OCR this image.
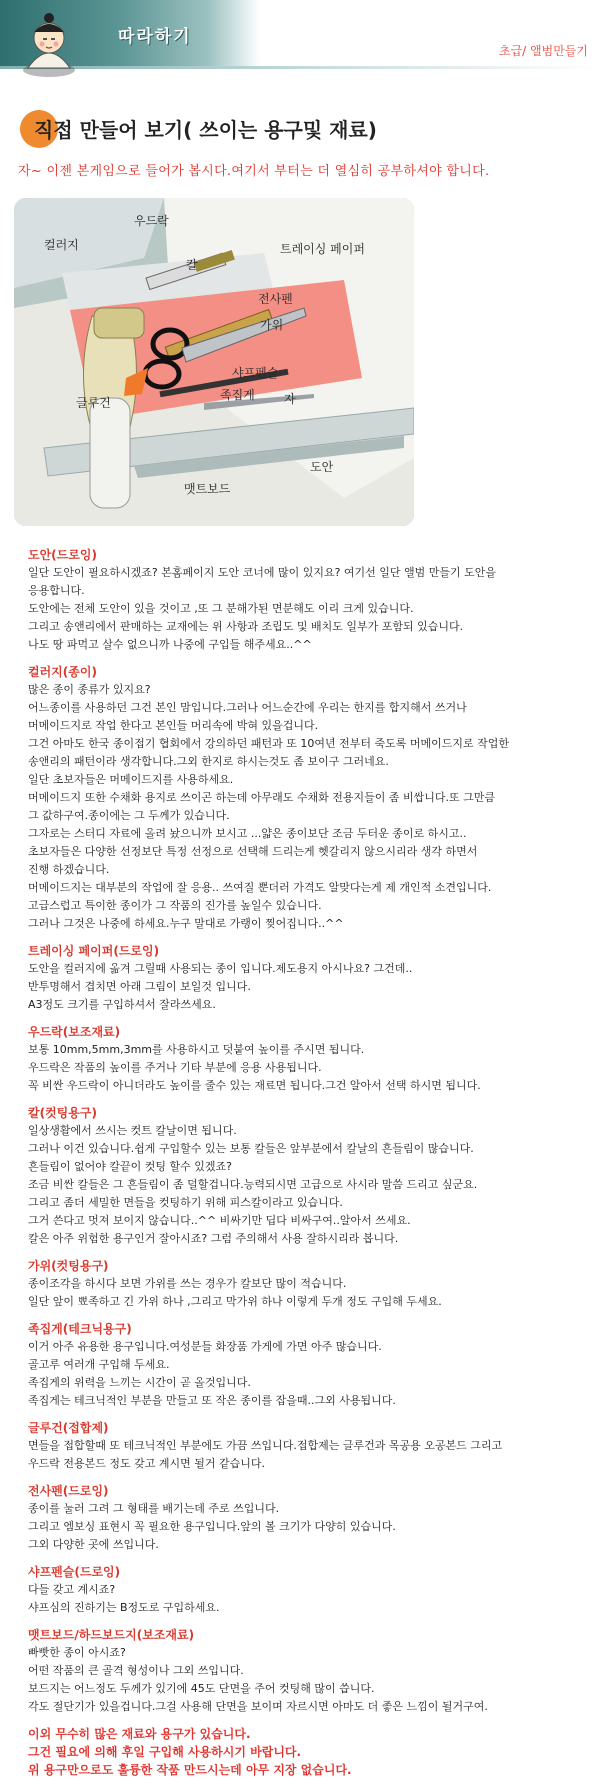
따라하기
초급/ 앨범만들기
직접 만들어 보기( 쓰이는 용구및 재료)
자~ 이젠 본게임으로 들어가 봅시다.여기서 부터는 더 열심히 공부하셔야 합니다.
우드락
컬러지	트레이싱 페이퍼
칼
전사펜
가위
샤프펜슬
족집게
글루건	자
맷트보드
도안
도안(드로잉)
일단 도안이 필요하시겠죠? 본홈페이지 도안 코너에 많이 있지요? 여기선 일단 앨범 만들기 도안을
응용합니다.
도안에는 전체 도안이 있을 것이고 ,또 그 분해가된 면분해도 이리 크게 있습니다.
그리고 송앤리에서 판매하는 교재에는 위 사항과 조립도 및 배치도 일부가 포함되 있습니다.
나도 땅 파먹고 살수 없으니까 나중에 구입들 해주세요..^^
컬러지(종이)
많은 종이 종류가 있지요?
어느종이를 사용하던 그건 본인 맘입니다.그러나 어느순간에 우리는 한지를 합지해서 쓰거나
머메이드지로 작업 한다고 본인들 머리속에 박혀 있을겁니다.
그건 아마도 한국 종이접기 협회에서 강의하던 패턴과 또 10여년 전부터 죽도록 머메이드지로 작업한
송앤리의 패턴이라 생각합니다.그외 한지로 하시는것도 좀 보이구 그러네요.
일단 초보자들은 머메이드지를 사용하세요.
머메이드지 또한 수채화 용지로 쓰이곤 하는데 아무래도 수채화 전용지들이 좀 비쌉니다.또 그만큼
그 값하구여.종이에는 그 두께가 있습니다.
그자로는 스터디 자료에 올려 놨으니까 보시고 ...얇은 종이보단 조금 두터운 종이로 하시고..
초보자들은 다양한 선정보단 특정 선정으로 선택해 드리는게 헷갈리지 않으시리라 생각 하면서
진행 하겠습니다.
머메이드지는 대부분의 작업에 잘 응용.. 쓰여질 뿐더러 가격도 알맞다는게 제 개인적 소견입니다.
고급스럽고 특이한 종이가 그 작품의 진가를 높일수 있습니다.
그러나 그것은 나중에 하세요.누구 말대로 가랭이 찢어집니다..^^
트레이싱 페이퍼(드로잉)
도안을 컬러지에 옮겨 그릴때 사용되는 종이 입니다.제도용지 아시나요? 그건데..
반투명해서 겹치면 아래 그림이 보일것 입니다.
A3정도 크기를 구입하셔서 잘라쓰세요.
우드락(보조재료)
보통 10mm,5mm,3mm를 사용하시고 덧붙여 높이를 주시면 됩니다.
우드락은 작품의 높이를 주거나 기타 부분에 응용 사용됩니다.
꼭 비싼 우드락이 아니더라도 높이를 줄수 있는 재료면 됩니다.그건 알아서 선택 하시면 됩니다.
칼(컷팅용구)
일상생활에서 쓰시는 컷트 칼날이면 됩니다.
그러나 이건 있습니다.쉽게 구입할수 있는 보통 칼들은 앞부분에서 칼날의 흔들림이 많습니다.
흔들림이 없어야 칼끝이 컷팅 할수 있겠죠?
조금 비싼 칼들은 그 흔들림이 좀 덜할겁니다.능력되시면 고급으로 사시라 말씀 드리고 싶군요.
그리고 좀더 세밀한 면들을 컷팅하기 위해 피스칼이라고 있습니다.
그거 쓴다고 멋져 보이지 않습니다..^^ 비싸기만 딥다 비싸구여..알아서 쓰세요.
칼은 아주 위험한 용구인거 잘아시죠? 그럼 주의해서 사용 잘하시리라 봅니다.
가위(컷팅용구)
종이조각을 하시다 보면 가위를 쓰는 경우가 칼보단 많이 적습니다.
일단 앞이 뾰족하고 긴 가위 하나 ,그리고 막가위 하나 이렇게 두개 정도 구입해 두세요.
족집게(테크닉용구)
이거 아주 유용한 용구입니다.여성분들 화장품 가게에 가면 아주 많습니다.
골고루 여러개 구입해 두세요.
족집게의 위력을 느끼는 시간이 곧 올것입니다.
족집게는 테크닉적인 부분을 만들고 또 작은 종이를 잡을때..그외 사용됩니다.
글루건(접합제)
면들을 접합할때 또 테크닉적인 부분에도 가끔 쓰입니다.접합제는 글루건과 목공용 오공본드 그리고
우드락 전용본드 정도 갖고 계시면 될거 같습니다.
전사펜(드로잉)
종이를 눌러 그려 그 형태를 배기는데 주로 쓰입니다.
그리고 엠보싱 표현시 꼭 필요한 용구입니다.앞의 볼 크기가 다양히 있습니다.
그외 다양한 곳에 쓰입니다.
샤프펜슬(드로잉)
다들 갖고 계시죠?
샤프심의 진하기는 B정도로 구입하세요.
맷트보드/하드보드지(보조재료)
빠빳한 종이 아시죠?
어떤 작품의 큰 골격 형성이나 그외 쓰입니다.
보드지는 어느정도 두께가 있기에 45도 단면을 주어 컷팅해 많이 씁니다.
각도 절단기가 있을겁니다.그걸 사용해 단면을 보이며 자르시면 아마도 더 좋은 느낌이 될거구여.
이외 무수히 많은 재료와 용구가 있습니다.
그건 필요에 의해 후일 구입해 사용하시기 바랍니다.
위 용구만으로도 훌륭한 작품 만드시는데 아무 지장 없습니다.
